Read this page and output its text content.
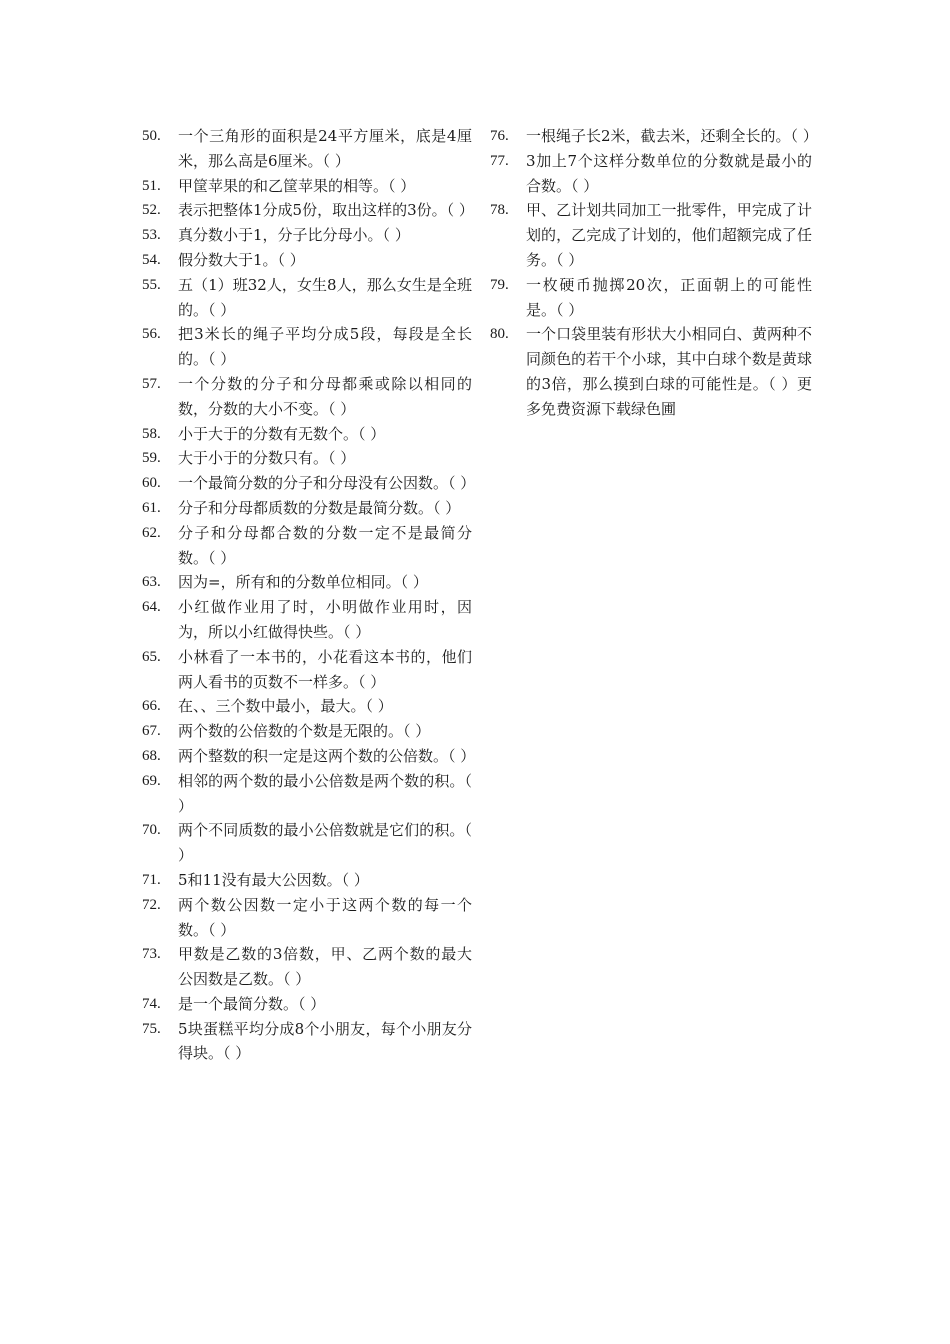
50.	一个三角形的面积是24平方厘米，底是4厘米，那么高是6厘米。（ ）
51.	甲筐苹果的和乙筐苹果的相等。（ ）
52.	表示把整体1分成5份，取出这样的3份。（ ）
53.	真分数小于1，分子比分母小。（ ）
54.	假分数大于1。（ ）
55.	五（1）班32人，女生8人，那么女生是全班的。（ ）
56.	把3米长的绳子平均分成5段，每段是全长的。（ ）
57.	一个分数的分子和分母都乘或除以相同的数，分数的大小不变。（ ）
58.	小于大于的分数有无数个。（ ）
59.	大于小于的分数只有。（ ）
60.	一个最简分数的分子和分母没有公因数。（ ）
61.	分子和分母都质数的分数是最简分数。（ ）
62.	分子和分母都合数的分数一定不是最简分数。（ ）
63.	因为=，所有和的分数单位相同。（ ）
64.	小红做作业用了时，小明做作业用时，因为，所以小红做得快些。（ ）
65.	小林看了一本书的，小花看这本书的，他们两人看书的页数不一样多。（ ）
66.	在、、三个数中最小，最大。（ ）
67.	两个数的公倍数的个数是无限的。（ ）
68.	两个整数的积一定是这两个数的公倍数。（ ）
69.	相邻的两个数的最小公倍数是两个数的积。（ ）
70.	两个不同质数的最小公倍数就是它们的积。（ ）
71.	5和11没有最大公因数。（ ）
72.	两个数公因数一定小于这两个数的每一个数。（ ）
73.	甲数是乙数的3倍数，甲、乙两个数的最大公因数是乙数。（ ）
74.	是一个最简分数。（ ）
75.	5块蛋糕平均分成8个小朋友，每个小朋友分得块。（ ）
76.	一根绳子长2米，截去米，还剩全长的。（ ）
77.	3加上7个这样分数单位的分数就是最小的合数。（ ）
78.	甲、乙计划共同加工一批零件，甲完成了计划的，乙完成了计划的，他们超额完成了任务。（ ）
79.	一枚硬币抛掷20次，正面朝上的可能性是。（ ）
80.	一个口袋里装有形状大小相同白、黄两种不同颜色的若干个小球，其中白球个数是黄球的3倍，那么摸到白球的可能性是。（ ）更多免费资源下载绿色圃
